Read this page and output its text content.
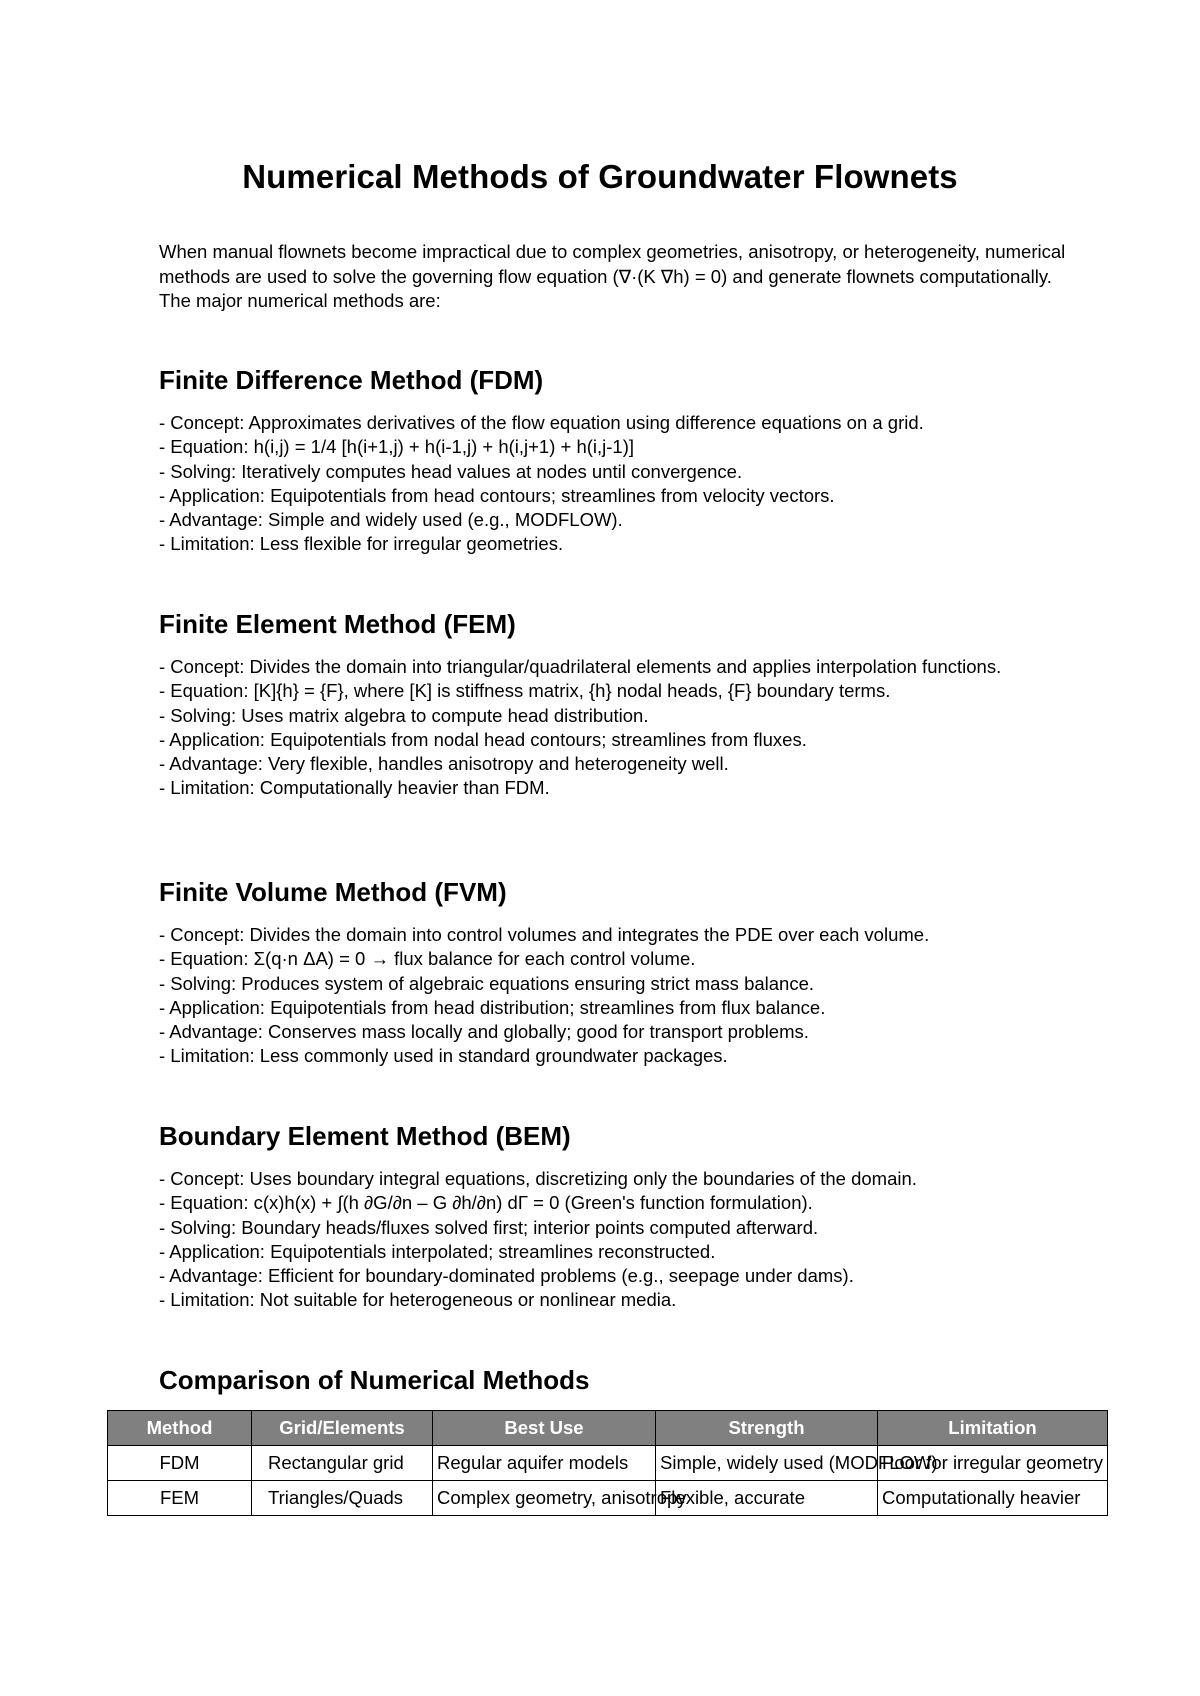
Numerical Methods of Groundwater Flownets

When manual flownets become impractical due to complex geometries, anisotropy, or heterogeneity, numerical methods are used to solve the governing flow equation (∇·(K ∇h) = 0) and generate flownets computationally. The major numerical methods are:

Finite Difference Method (FDM)
- Concept: Approximates derivatives of the flow equation using difference equations on a grid.
- Equation: h(i,j) = 1/4 [h(i+1,j) + h(i-1,j) + h(i,j+1) + h(i,j-1)]
- Solving: Iteratively computes head values at nodes until convergence.
- Application: Equipotentials from head contours; streamlines from velocity vectors.
- Advantage: Simple and widely used (e.g., MODFLOW).
- Limitation: Less flexible for irregular geometries.
Finite Element Method (FEM)
- Concept: Divides the domain into triangular/quadrilateral elements and applies interpolation functions.
- Equation: [K]{h} = {F}, where [K] is stiffness matrix, {h} nodal heads, {F} boundary terms.
- Solving: Uses matrix algebra to compute head distribution.
- Application: Equipotentials from nodal head contours; streamlines from fluxes.
- Advantage: Very flexible, handles anisotropy and heterogeneity well.
- Limitation: Computationally heavier than FDM.
Finite Volume Method (FVM)
- Concept: Divides the domain into control volumes and integrates the PDE over each volume.
- Equation: Σ(q·n ΔA) = 0 → flux balance for each control volume.
- Solving: Produces system of algebraic equations ensuring strict mass balance.
- Application: Equipotentials from head distribution; streamlines from flux balance.
- Advantage: Conserves mass locally and globally; good for transport problems.
- Limitation: Less commonly used in standard groundwater packages.
Boundary Element Method (BEM)
- Concept: Uses boundary integral equations, discretizing only the boundaries of the domain.
- Equation: c(x)h(x) + ∫(h ∂G/∂n – G ∂h/∂n) dΓ = 0 (Green's function formulation).
- Solving: Boundary heads/fluxes solved first; interior points computed afterward.
- Application: Equipotentials interpolated; streamlines reconstructed.
- Advantage: Efficient for boundary-dominated problems (e.g., seepage under dams).
- Limitation: Not suitable for heterogeneous or nonlinear media.
Comparison of Numerical Methods
Method	Grid/Elements	Best Use	Strength	Limitation
FDM	Rectangular grid	Regular aquifer models	Simple, widely used (MODFLOW)	Poor for irregular geometry
FEM	Triangles/Quads	Complex geometry, anisotropy	Flexible, accurate	Computationally heavier
